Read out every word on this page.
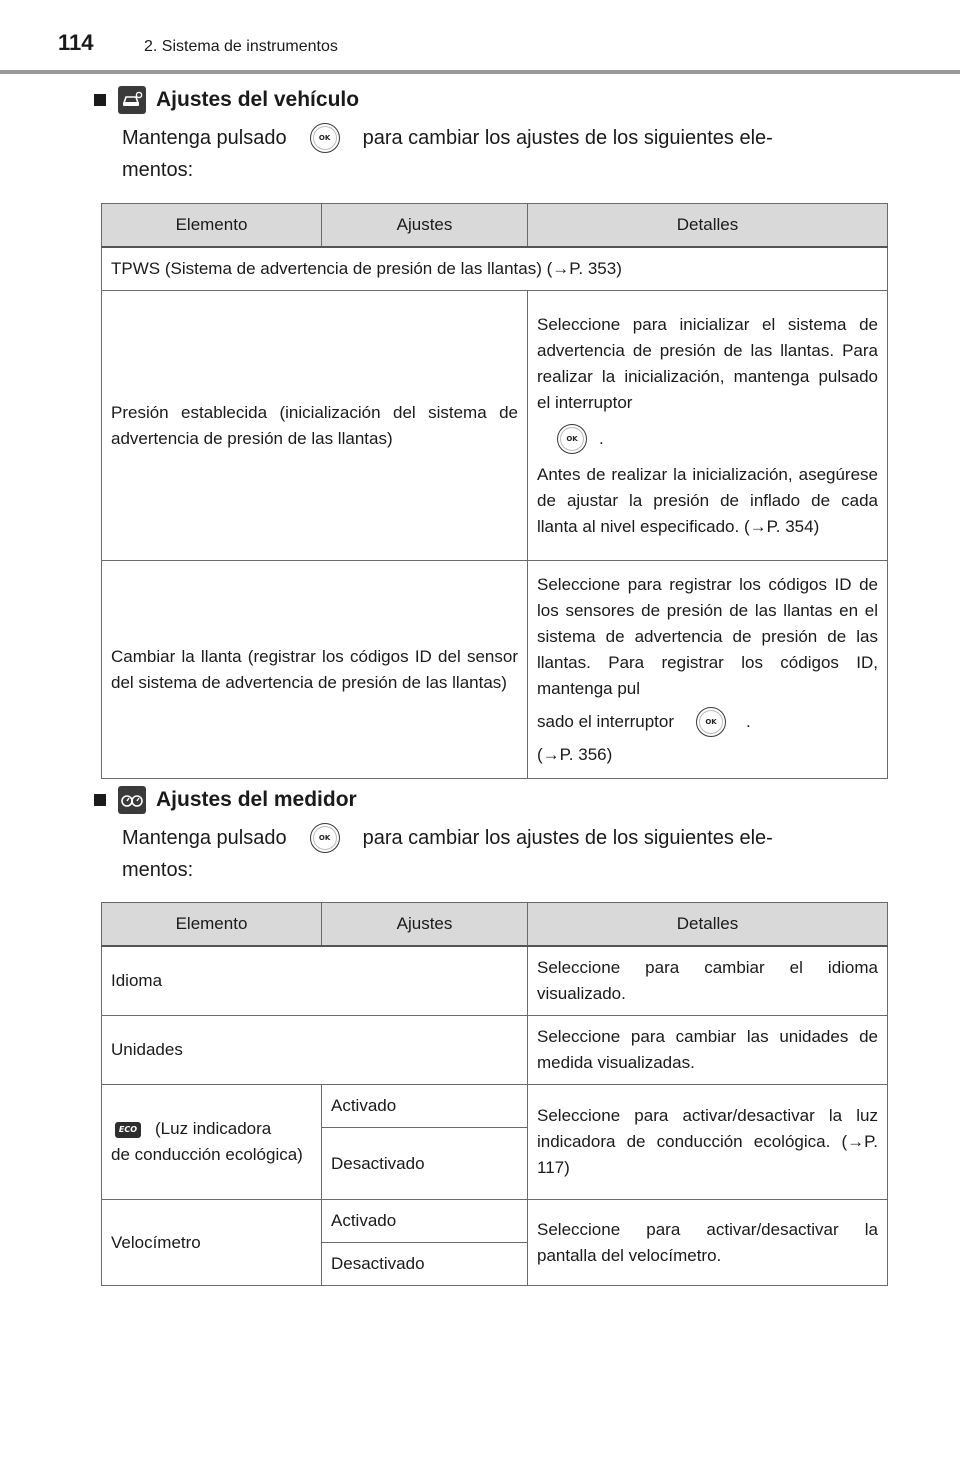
114	2. Sistema de instrumentos
Ajustes del vehículo
Mantenga pulsado	OK	para cambiar los ajustes de los siguientes ele-
mentos:
Elemento	Ajustes	Detalles
TPWS (Sistema de advertencia de presión de las llantas) (→P. 353)		
Presión establecida (inicialización del sistema de advertencia de presión de las llantas)		Seleccione para inicializar el sistema de advertencia de presión de las llantas. Para realizar la inicialización, mantenga pulsado el interruptor
OK .
Antes de realizar la inicialización, asegúrese de ajustar la presión de inflado de cada llanta al nivel especificado. (→P. 354)

Cambiar la llanta (registrar los códigos ID del sensor del sistema de advertencia de presión de las llantas)		Seleccione para registrar los códigos ID de los sensores de presión de las llantas en el sistema de advertencia de presión de las llantas. Para registrar los códigos ID, mantenga pul
sado el interruptor OK .
(→P. 356)
Ajustes del medidor
Mantenga pulsado	OK	para cambiar los ajustes de los siguientes ele-
mentos:
Elemento	Ajustes	Detalles
Idioma		Seleccione para cambiar el idioma visualizado.
Unidades		Seleccione para cambiar las unidades de medida visualizadas.

ECO (Luz indicadora
de conducción ecológica)	Activado	Seleccione para activar/desactivar la luz indicadora de conducción ecológica. (→P. 117)
	Desactivado	
Velocímetro	Activado	Seleccione para activar/desactivar la pantalla del velocímetro.
	Desactivado	
